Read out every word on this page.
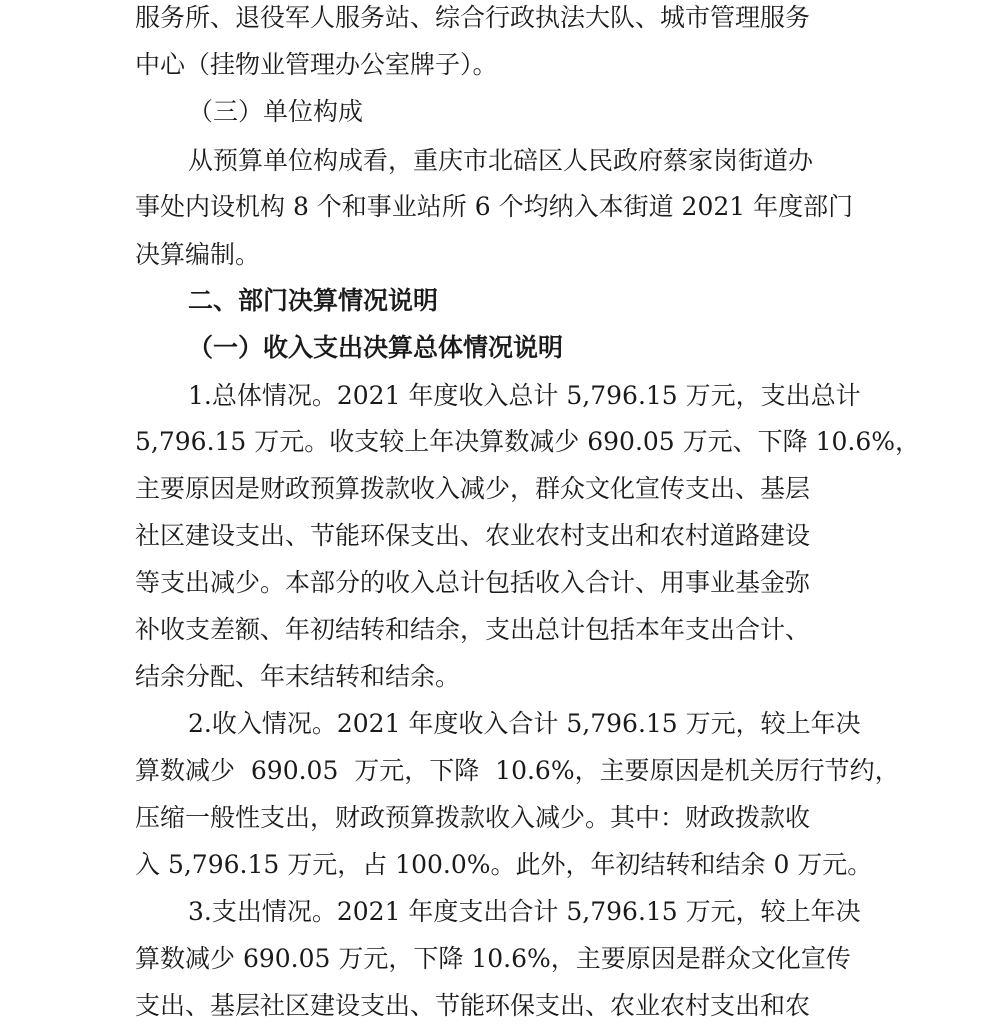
服务所、退役军人服务站、综合行政执法大队、城市管理服务
中心（挂物业管理办公室牌子）。
（三）单位构成
从预算单位构成看，重庆市北碚区人民政府蔡家岗街道办
事处内设机构 8 个和事业站所 6 个均纳入本街道 2021 年度部门
决算编制。
二、部门决算情况说明
（一）收入支出决算总体情况说明
1.总体情况。2021 年度收入总计 5,796.15 万元，支出总计
5,796.15 万元。收支较上年决算数减少 690.05 万元、下降 10.6%，
主要原因是财政预算拨款收入减少，群众文化宣传支出、基层
社区建设支出、节能环保支出、农业农村支出和农村道路建设
等支出减少。本部分的收入总计包括收入合计、用事业基金弥
补收支差额、年初结转和结余，支出总计包括本年支出合计、
结余分配、年末结转和结余。
2.收入情况。2021 年度收入合计 5,796.15 万元，较上年决
算数减少  690.05  万元，下降  10.6%，主要原因是机关厉行节约，
压缩一般性支出，财政预算拨款收入减少。其中：财政拨款收
入 5,796.15 万元，占 100.0%。此外，年初结转和结余 0 万元。
3.支出情况。2021 年度支出合计 5,796.15 万元，较上年决
算数减少 690.05 万元，下降 10.6%，主要原因是群众文化宣传
支出、基层社区建设支出、节能环保支出、农业农村支出和农
